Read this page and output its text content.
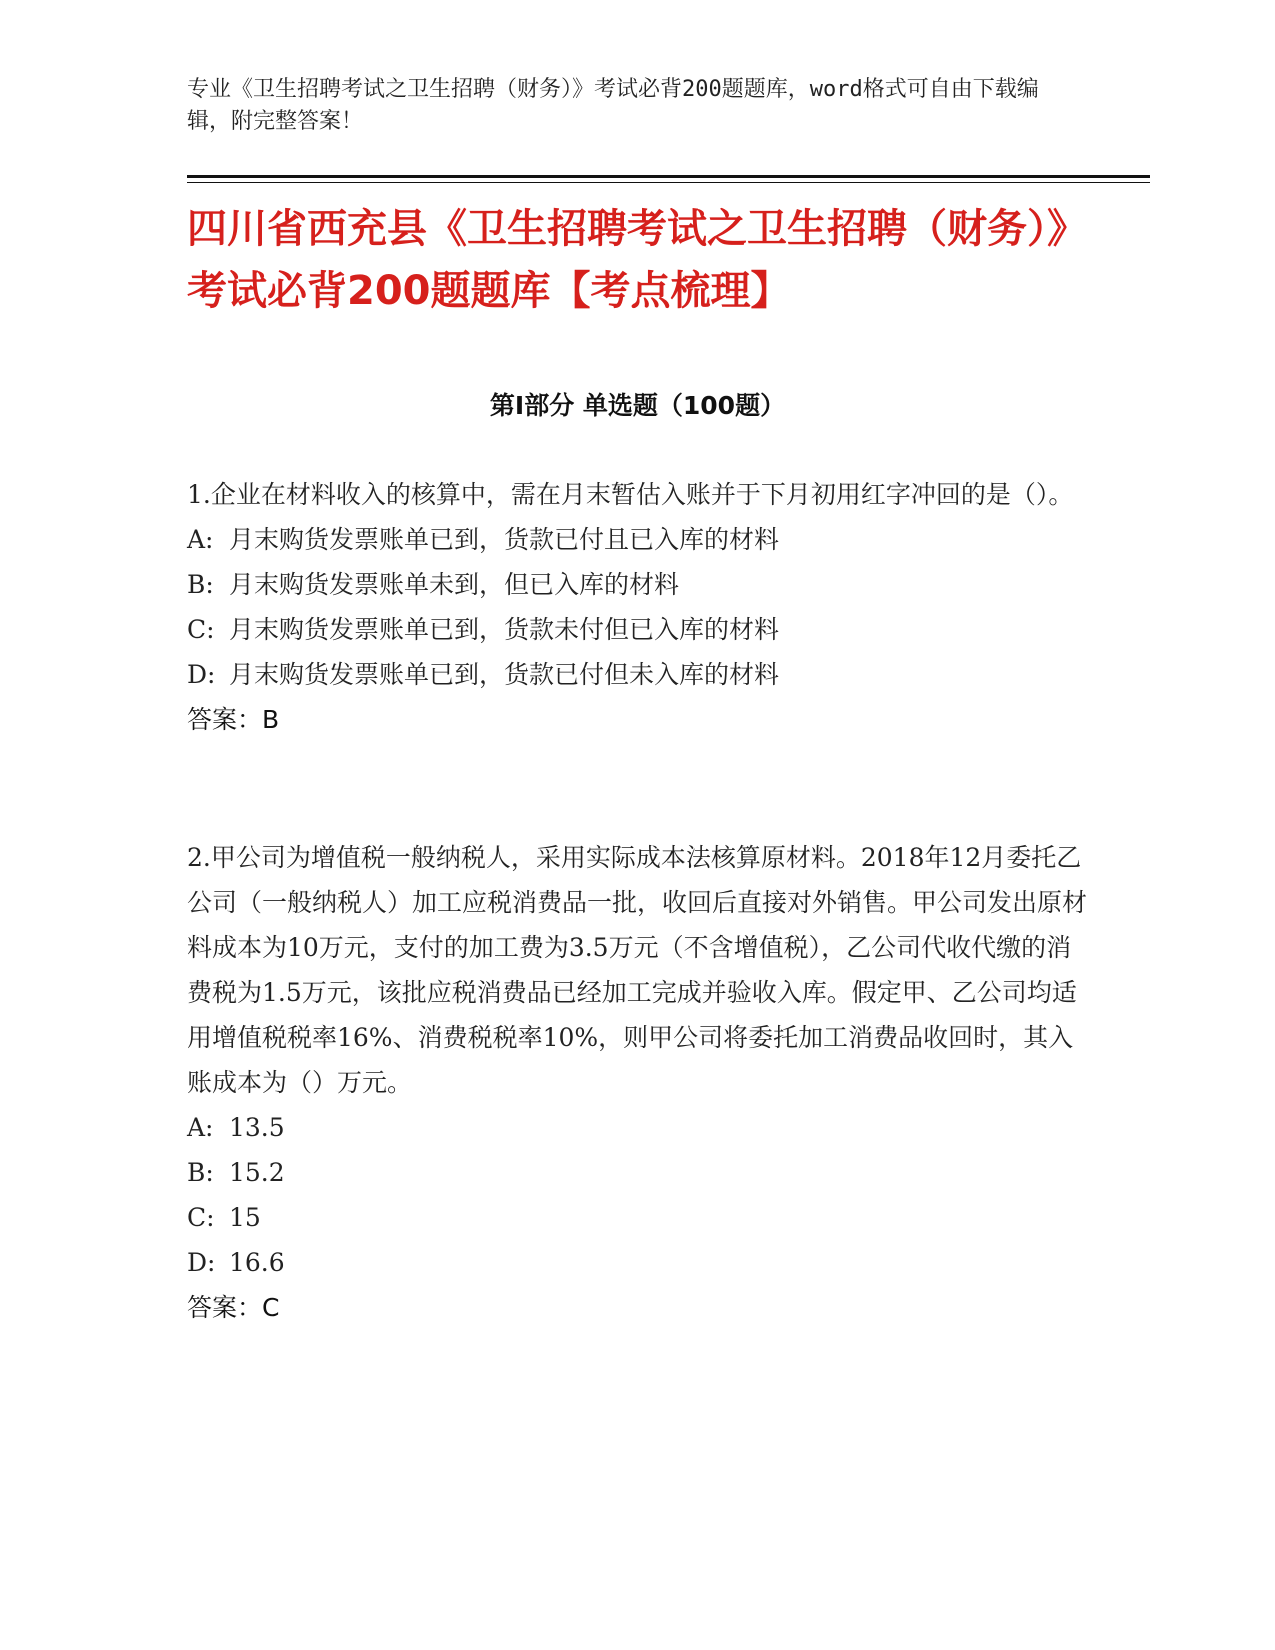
专业《卫生招聘考试之卫生招聘（财务）》考试必背200题题库，word格式可自由下载编辑，附完整答案！
四川省西充县《卫生招聘考试之卫生招聘（财务）》考试必背200题题库【考点梳理】
第I部分 单选题（100题）
1.企业在材料收入的核算中，需在月末暂估入账并于下月初用红字冲回的是（）。
A: 月末购货发票账单已到，货款已付且已入库的材料
B: 月末购货发票账单未到，但已入库的材料
C: 月末购货发票账单已到，货款未付但已入库的材料
D: 月末购货发票账单已到，货款已付但未入库的材料
答案：B
2.甲公司为增值税一般纳税人，采用实际成本法核算原材料。2018年12月委托乙公司（一般纳税人）加工应税消费品一批，收回后直接对外销售。甲公司发出原材料成本为10万元，支付的加工费为3.5万元（不含增值税），乙公司代收代缴的消费税为1.5万元，该批应税消费品已经加工完成并验收入库。假定甲、乙公司均适用增值税税率16%、消费税税率10%，则甲公司将委托加工消费品收回时，其入账成本为（）万元。
A: 13.5
B: 15.2
C: 15
D: 16.6
答案：C
